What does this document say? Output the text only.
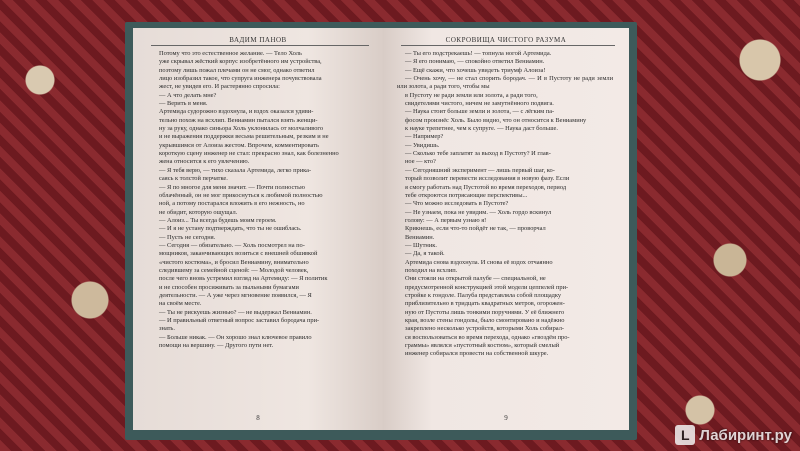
ВАДИМ ПАНОВ

Потому что это естественное желание. — Тело Холь

уже скрывал жёсткий корпус изобретённого им устройства,

поэтому лишь пожал плечами он не смог, однако ответил

лицо изобразил такое, что супруга инженера почувствовала

жест, не увидев его. И растерянно спросила:

— А что делать мне?

— Верить в меня.

Артемида судорожно вздохнула, и вздох оказался удиви-

тельно похож на всхлип. Вениамин пытался взять женщи-

ну за руку, однако синьора Холь уклонилась от молчаливого

и не выражения поддержки весьма решительным, резким и не

укрывшимся от Алоиза жестом. Впрочем, комментировать

короткую сцену инженер не стал: прекрасно знал, как болезненно

жена относится к его увлечению.

— Я тебя верю, — тихо сказала Артемида, легко прика-

саясь к толстой перчатке.

— Я по многое для меня значит. — Почти полностью

облачённый, он не мог прикоснуться к любимой полностью

ной, а потому постарался вложить в его нежность, но

не обидит, которую ощущал.

— Алоиз... Ты всегда будешь моим героем.

— И я не устану подтверждать, что ты не ошиблась.

— Пусть не сегодня.

— Сегодня — обязательно. — Холь посмотрел на по-

мощников, заканчивающих возиться с внешней обшивкой

«чистого костюма», и бросил Вениамину, внимательно

следившему за семейной сценой: — Молодой человек,

после чего вновь устремил взгляд на Артемиду: — Я политик

и не способен просиживать за пыльными бумагами

деятельности. — А уже через мгновение появился, — Я

на своём месте.

— Ты не рискуешь жизнью? — не выдержал Вениамин.

— И правильный ответный вопрос заставил бородача при-

знать.

— Больше никак. — Он хорошо знал ключевое правило

помощи на вершину. — Другого пути нет.

8
СОКРОВИЩА ЧИСТОГО РАЗУМА

— Ты его подстрекаешь! — топнула ногой Артемида.

— Я его понимаю, — спокойно ответил Вениамин.

— Ещё скажи, что хочешь увидеть триумф Алоиза!

— Очень хочу, — не стал спорить бородач. — И в Пустоту не ради земли или золота, а ради того, чтобы мы

в Пустоту не ради земли или золота, а ради того,

свидетелями чистого, ничем не замутнённого подвига.

— Наука стоит больше земли и золота, — с лёгким па-

фосом произнёс Холь. Было видно, что он относится к Вениамину

к науке трепетнее, чем к супруге. — Наука даст больше.

— Например?

— Увидишь.

— Сколько тебе заплатят за выход в Пустоту? И глав-

ное — кто?

— Сегодняшний эксперимент — лишь первый шаг, ко-

торый позволит перевести исследования в новую фазу. Если

я смогу работать над Пустотой во время переходов, период

тебе откроются потрясающие перспективы...

— Что можно исследовать в Пустоте?

— Не узнаем, пока не увидим. — Холь гордо вскинул

голову: — А первым узнаю я!

Крикнешь, если что-то пойдёт не так, — проворчал

Вениамин.

— Шутник.

— Да, я такой.

Артемида снова вздохнула. И снова её вздох отчаянно

походил на всхлип.

Они стояли на открытой палубе — специальной, не

предусмотренной конструкцией этой модели цеппелей при-

стройке к гондоле. Палуба представляла собой площадку

приблизительно в тридцать квадратных метров, огорожен-

ную от Пустоты лишь тонкими поручнями. У её ближнего

края, возле стены гондолы, было смонтировано и надёжно

закреплено несколько устройств, которыми Холь собирал-

ся воспользоваться во время перехода, однако «гвоздём про-

граммы» являлся «пустотный костюм», который смелый

инженер собирался провести на собственной шкуре.

9
L Лабиринт.ру
